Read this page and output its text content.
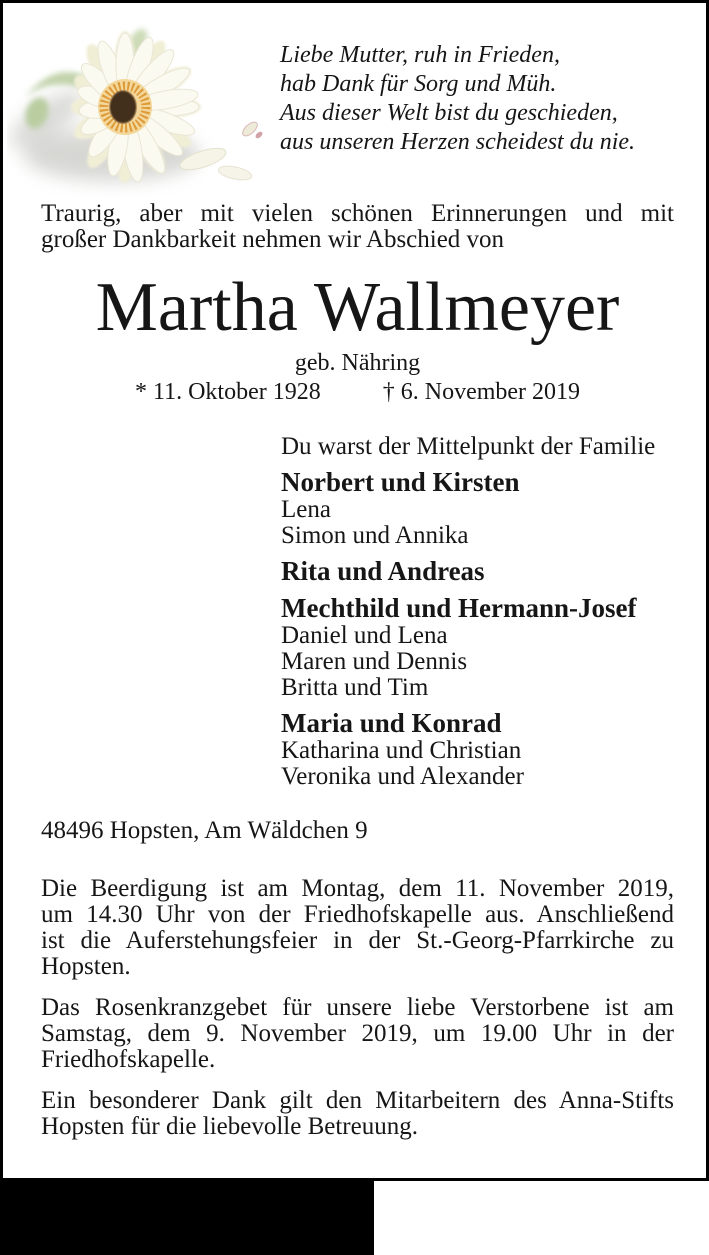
Liebe Mutter, ruh in Frieden,
hab Dank für Sorg und Müh.
Aus dieser Welt bist du geschieden,
aus unseren Herzen scheidest du nie.
Traurig, aber mit vielen schönen Erinnerungen und mit
großer Dankbarkeit nehmen wir Abschied von
Martha Wallmeyer
geb. Nähring
* 11. Oktober 1928	† 6. November 2019
Du warst der Mittelpunkt der Familie
Norbert und Kirsten
Lena
Simon und Annika
Rita und Andreas
Mechthild und Hermann-Josef
Daniel und Lena
Maren und Dennis
Britta und Tim
Maria und Konrad
Katharina und Christian
Veronika und Alexander
48496 Hopsten, Am Wäldchen 9
Die Beerdigung ist am Montag, dem 11. November 2019,
um 14.30 Uhr von der Friedhofskapelle aus. Anschließend
ist die Auferstehungsfeier in der St.-Georg-Pfarrkirche zu
Hopsten.
Das Rosenkranzgebet für unsere liebe Verstorbene ist am
Samstag, dem 9. November 2019, um 19.00 Uhr in der
Friedhofskapelle.
Ein besonderer Dank gilt den Mitarbeitern des Anna-Stifts
Hopsten für die liebevolle Betreuung.
